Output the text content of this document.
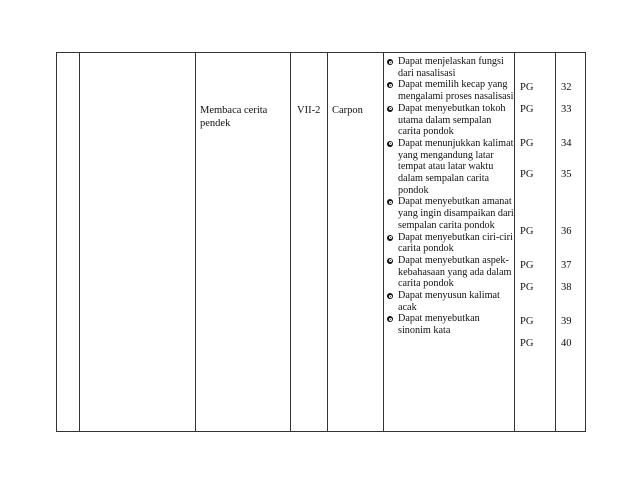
Membaca cerita
pendek
VII-2 Carpon
Dapat menjelaskan fungsi dari nasalisasi
Dapat memilih kecap yang mengalami proses nasalisasi
Dapat menyebutkan tokoh utama dalam sempalan carita pondok
Dapat menunjukkan kalimat yang mengandung latar tempat atau latar waktu dalam sempalan carita pondok
Dapat menyebutkan amanat yang ingin disampaikan dari sempalan carita pondok
Dapat menyebutkan ciri-ciri carita pondok
Dapat menyebutkan aspek-kebahasaan yang ada dalam carita pondok
Dapat menyusun kalimat acak
Dapat menyebutkan sinonim kata
PG
PG
PG
PG
PG
PG
PG
PG
PG
32
33
34
35
36
37
38
39
40
